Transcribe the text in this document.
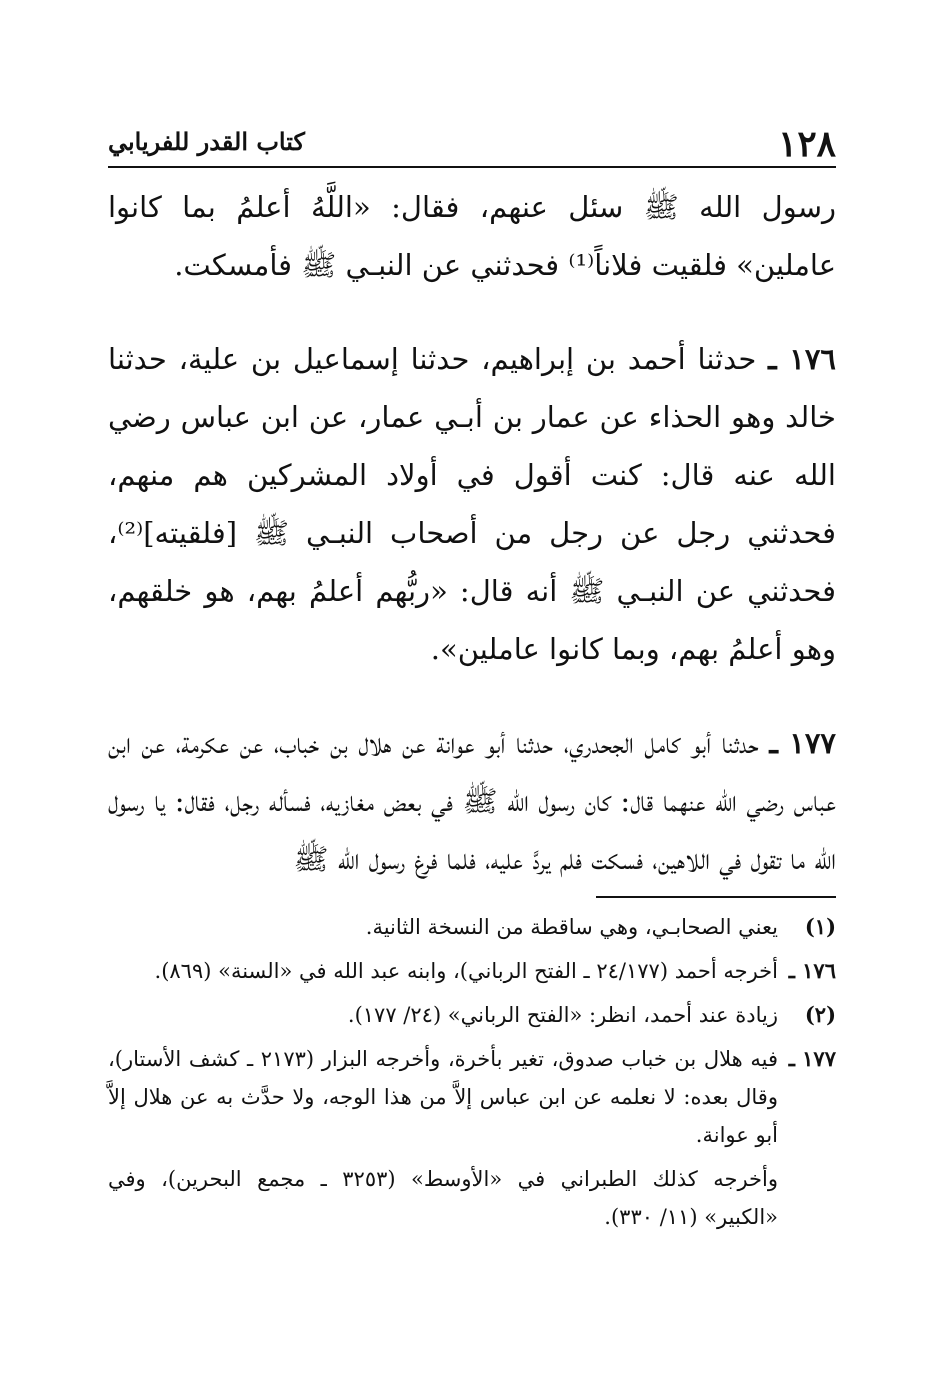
١٢٨
كتاب القدر للفريابي

رسول الله ﷺ سئل عنهم، فقال: «اللَّهُ أعلمُ بما كانوا عاملين» فلقيت فلاناً⁽¹⁾ فحدثني عن النبـي ﷺ فأمسكت.

١٧٦ ـ حدثنا أحمد بن إبراهيم، حدثنا إسماعيل بن علية، حدثنا خالد وهو الحذاء عن عمار بن أبـي عمار، عن ابن عباس رضي الله عنه قال: كنت أقول في أولاد المشركين هم منهم، فحدثني رجل عن رجل من أصحاب النبـي ﷺ [فلقيته]⁽²⁾، فحدثني عن النبـي ﷺ أنه قال: «ربُّهم أعلمُ بهم، هو خلقهم، وهو أعلمُ بهم، وبما كانوا عاملين».

١٧٧ ـ حدثنا أبو كامل الجحدري، حدثنا أبو عوانة عن هلال بن خباب، عن عكرمة، عن ابن عباس رضي الله عنهما قال: كان رسول الله ﷺ في بعض مغازيه، فسأله رجل، فقال: يا رسول الله ما تقول في اللاهين، فسكت فلم يردَّ عليه، فلما فرغ رسول الله ﷺ

(١)
يعني الصحابـي، وهي ساقطة من النسخة الثانية.
١٧٦ ـ
أخرجه أحمد (٢٤/١٧٧ ـ الفتح الرباني)، وابنه عبد الله في «السنة» (٨٦٩).
(٢)
زيادة عند أحمد، انظر: «الفتح الرباني» (٢٤/ ١٧٧).
١٧٧ ـ
فيه هلال بن خباب صدوق، تغير بأخرة، وأخرجه البزار (٢١٧٣ ـ كشف الأستار)، وقال بعده: لا نعلمه عن ابن عباس إلاَّ من هذا الوجه، ولا حدَّث به عن هلال إلاَّ أبو عوانة.
وأخرجه كذلك الطبراني في «الأوسط» (٣٢٥٣ ـ مجمع البحرين)، وفي «الكبير» (١١/ ٣٣٠).
